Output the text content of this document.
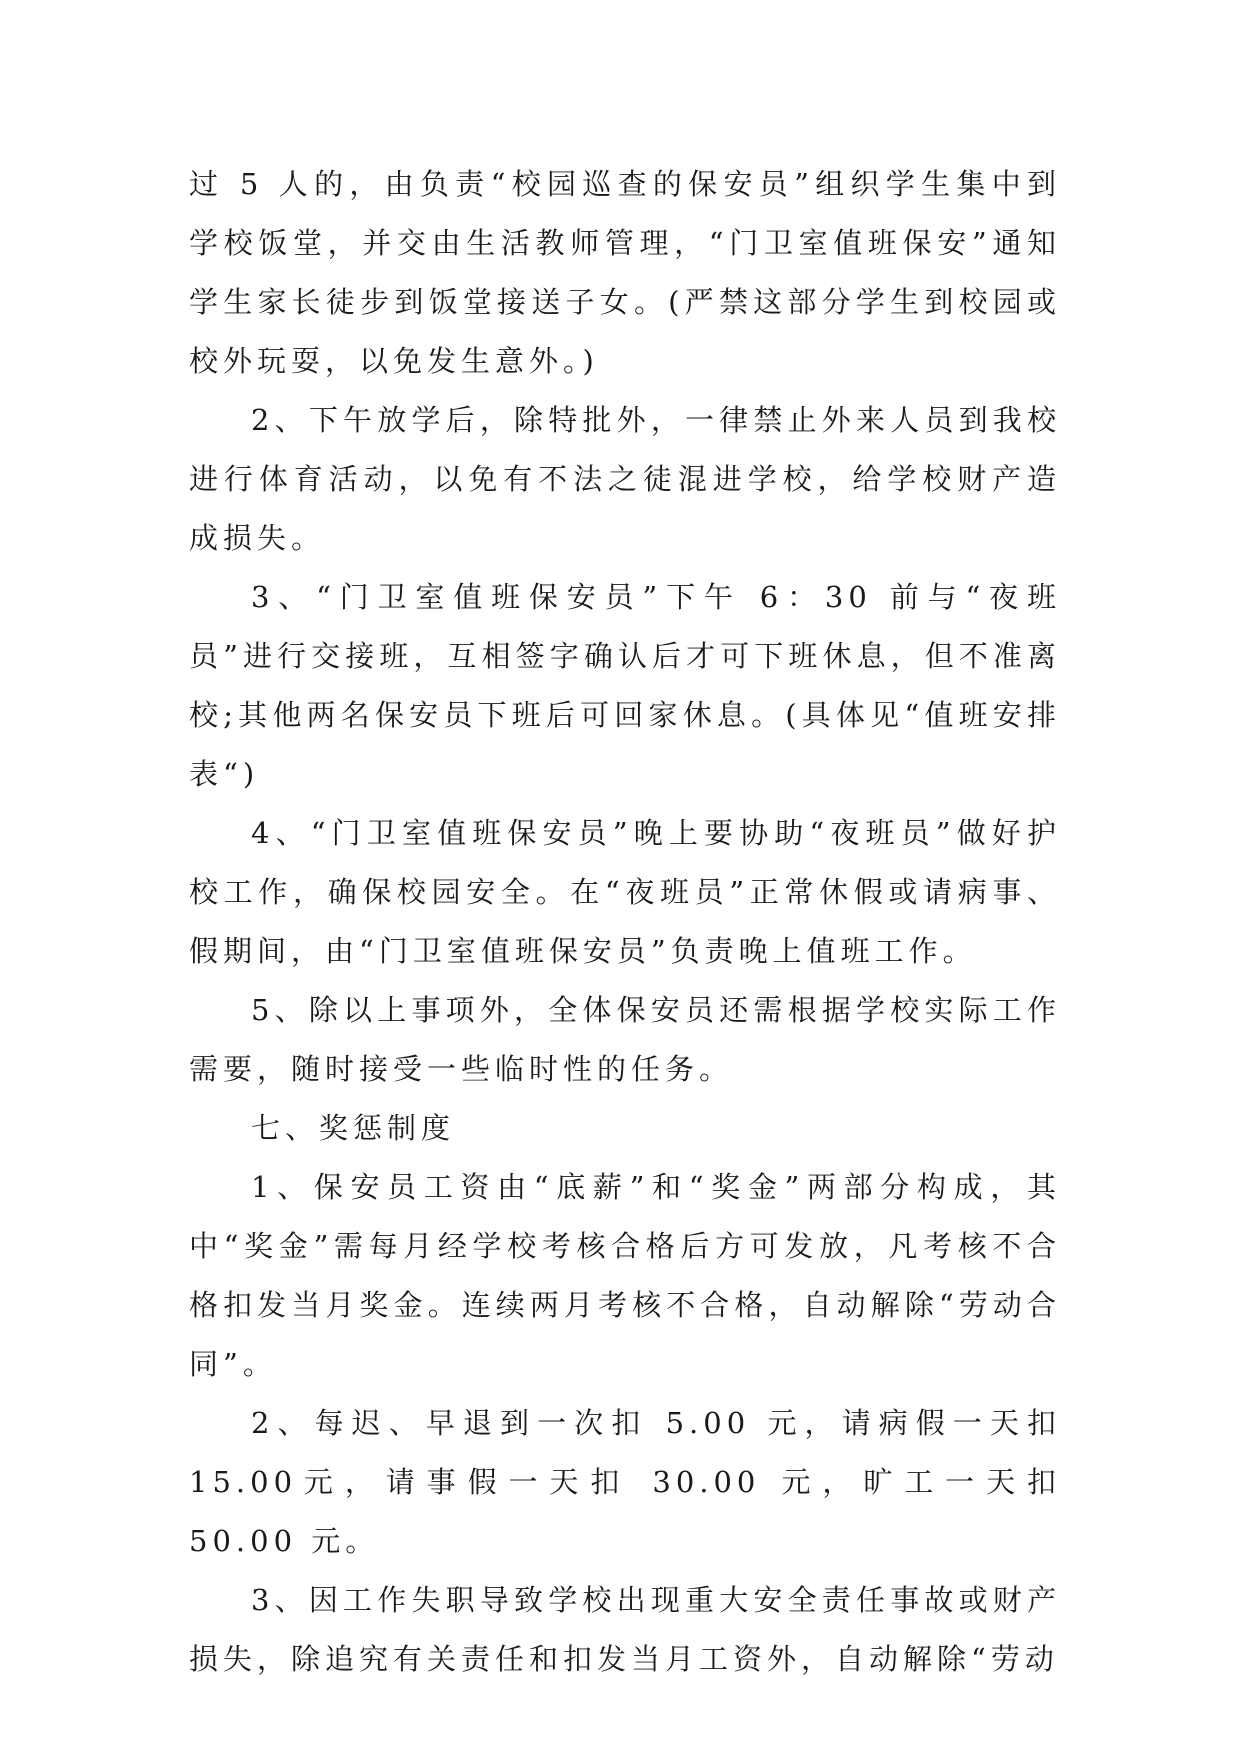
过 5 人的，由负责“校园巡查的保安员”组织学生集中到学校饭堂，并交由生活教师管理，“门卫室值班保安”通知学生家长徒步到饭堂接送子女。(严禁这部分学生到校园或校外玩耍，以免发生意外。)

2、下午放学后，除特批外，一律禁止外来人员到我校进行体育活动，以免有不法之徒混进学校，给学校财产造成损失。

3、“门卫室值班保安员”下午 6：30 前与“夜班员”进行交接班，互相签字确认后才可下班休息，但不准离校;其他两名保安员下班后可回家休息。(具体见“值班安排表“)

4、“门卫室值班保安员”晚上要协助“夜班员”做好护校工作，确保校园安全。在“夜班员”正常休假或请病事、假期间，由“门卫室值班保安员”负责晚上值班工作。

5、除以上事项外，全体保安员还需根据学校实际工作需要，随时接受一些临时性的任务。

七、奖惩制度

1、保安员工资由“底薪”和“奖金”两部分构成，其中“奖金”需每月经学校考核合格后方可发放，凡考核不合格扣发当月奖金。连续两月考核不合格，自动解除“劳动合同”。

2、每迟、早退到一次扣 5.00 元，请病假一天扣 15.00元，请事假一天扣 30.00 元，旷工一天扣 50.00 元。

3、因工作失职导致学校出现重大安全责任事故或财产损失，除追究有关责任和扣发当月工资外，自动解除“劳动
